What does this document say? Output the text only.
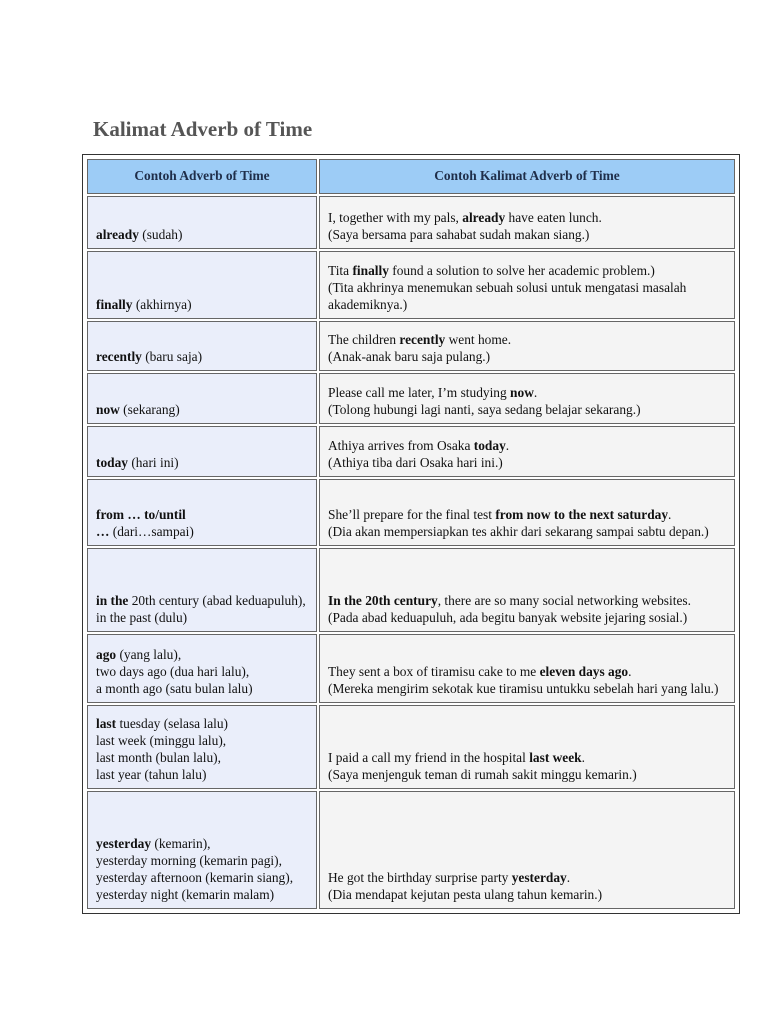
Kalimat Adverb of Time
Contoh Adverb of Time	Contoh Kalimat Adverb of Time

already (sudah)	I, together with my pals, already have eaten lunch.
(Saya bersama para sahabat sudah makan siang.)

finally (akhirnya)	Tita finally found a solution to solve her academic problem.)
(Tita akhrinya menemukan sebuah solusi untuk mengatasi masalah akademiknya.)

recently (baru saja)	The children recently went home.
(Anak-anak baru saja pulang.)

now (sekarang)	Please call me later, I’m studying now.
(Tolong hubungi lagi nanti, saya sedang belajar sekarang.)

today (hari ini)	Athiya arrives from Osaka today.
(Athiya tiba dari Osaka hari ini.)

from … to/until
… (dari…sampai)	She’ll prepare for the final test from now to the next saturday.
(Dia akan mempersiapkan tes akhir dari sekarang sampai sabtu depan.)

in the 20th century (abad keduapuluh),
in the past (dulu)	In the 20th century, there are so many social networking websites.
(Pada abad keduapuluh, ada begitu banyak website jejaring sosial.)

ago (yang lalu),
two days ago (dua hari lalu),
a month ago (satu bulan lalu)	They sent a box of tiramisu cake to me eleven days ago.
(Mereka mengirim sekotak kue tiramisu untukku sebelah hari yang lalu.)

last tuesday (selasa lalu)
last week (minggu lalu),
last month (bulan lalu),
last year (tahun lalu)	I paid a call my friend in the hospital last week.
(Saya menjenguk teman di rumah sakit minggu kemarin.)

yesterday (kemarin),
yesterday morning (kemarin pagi),
yesterday afternoon (kemarin siang),
yesterday night (kemarin malam)	He got the birthday surprise party yesterday.
(Dia mendapat kejutan pesta ulang tahun kemarin.)
